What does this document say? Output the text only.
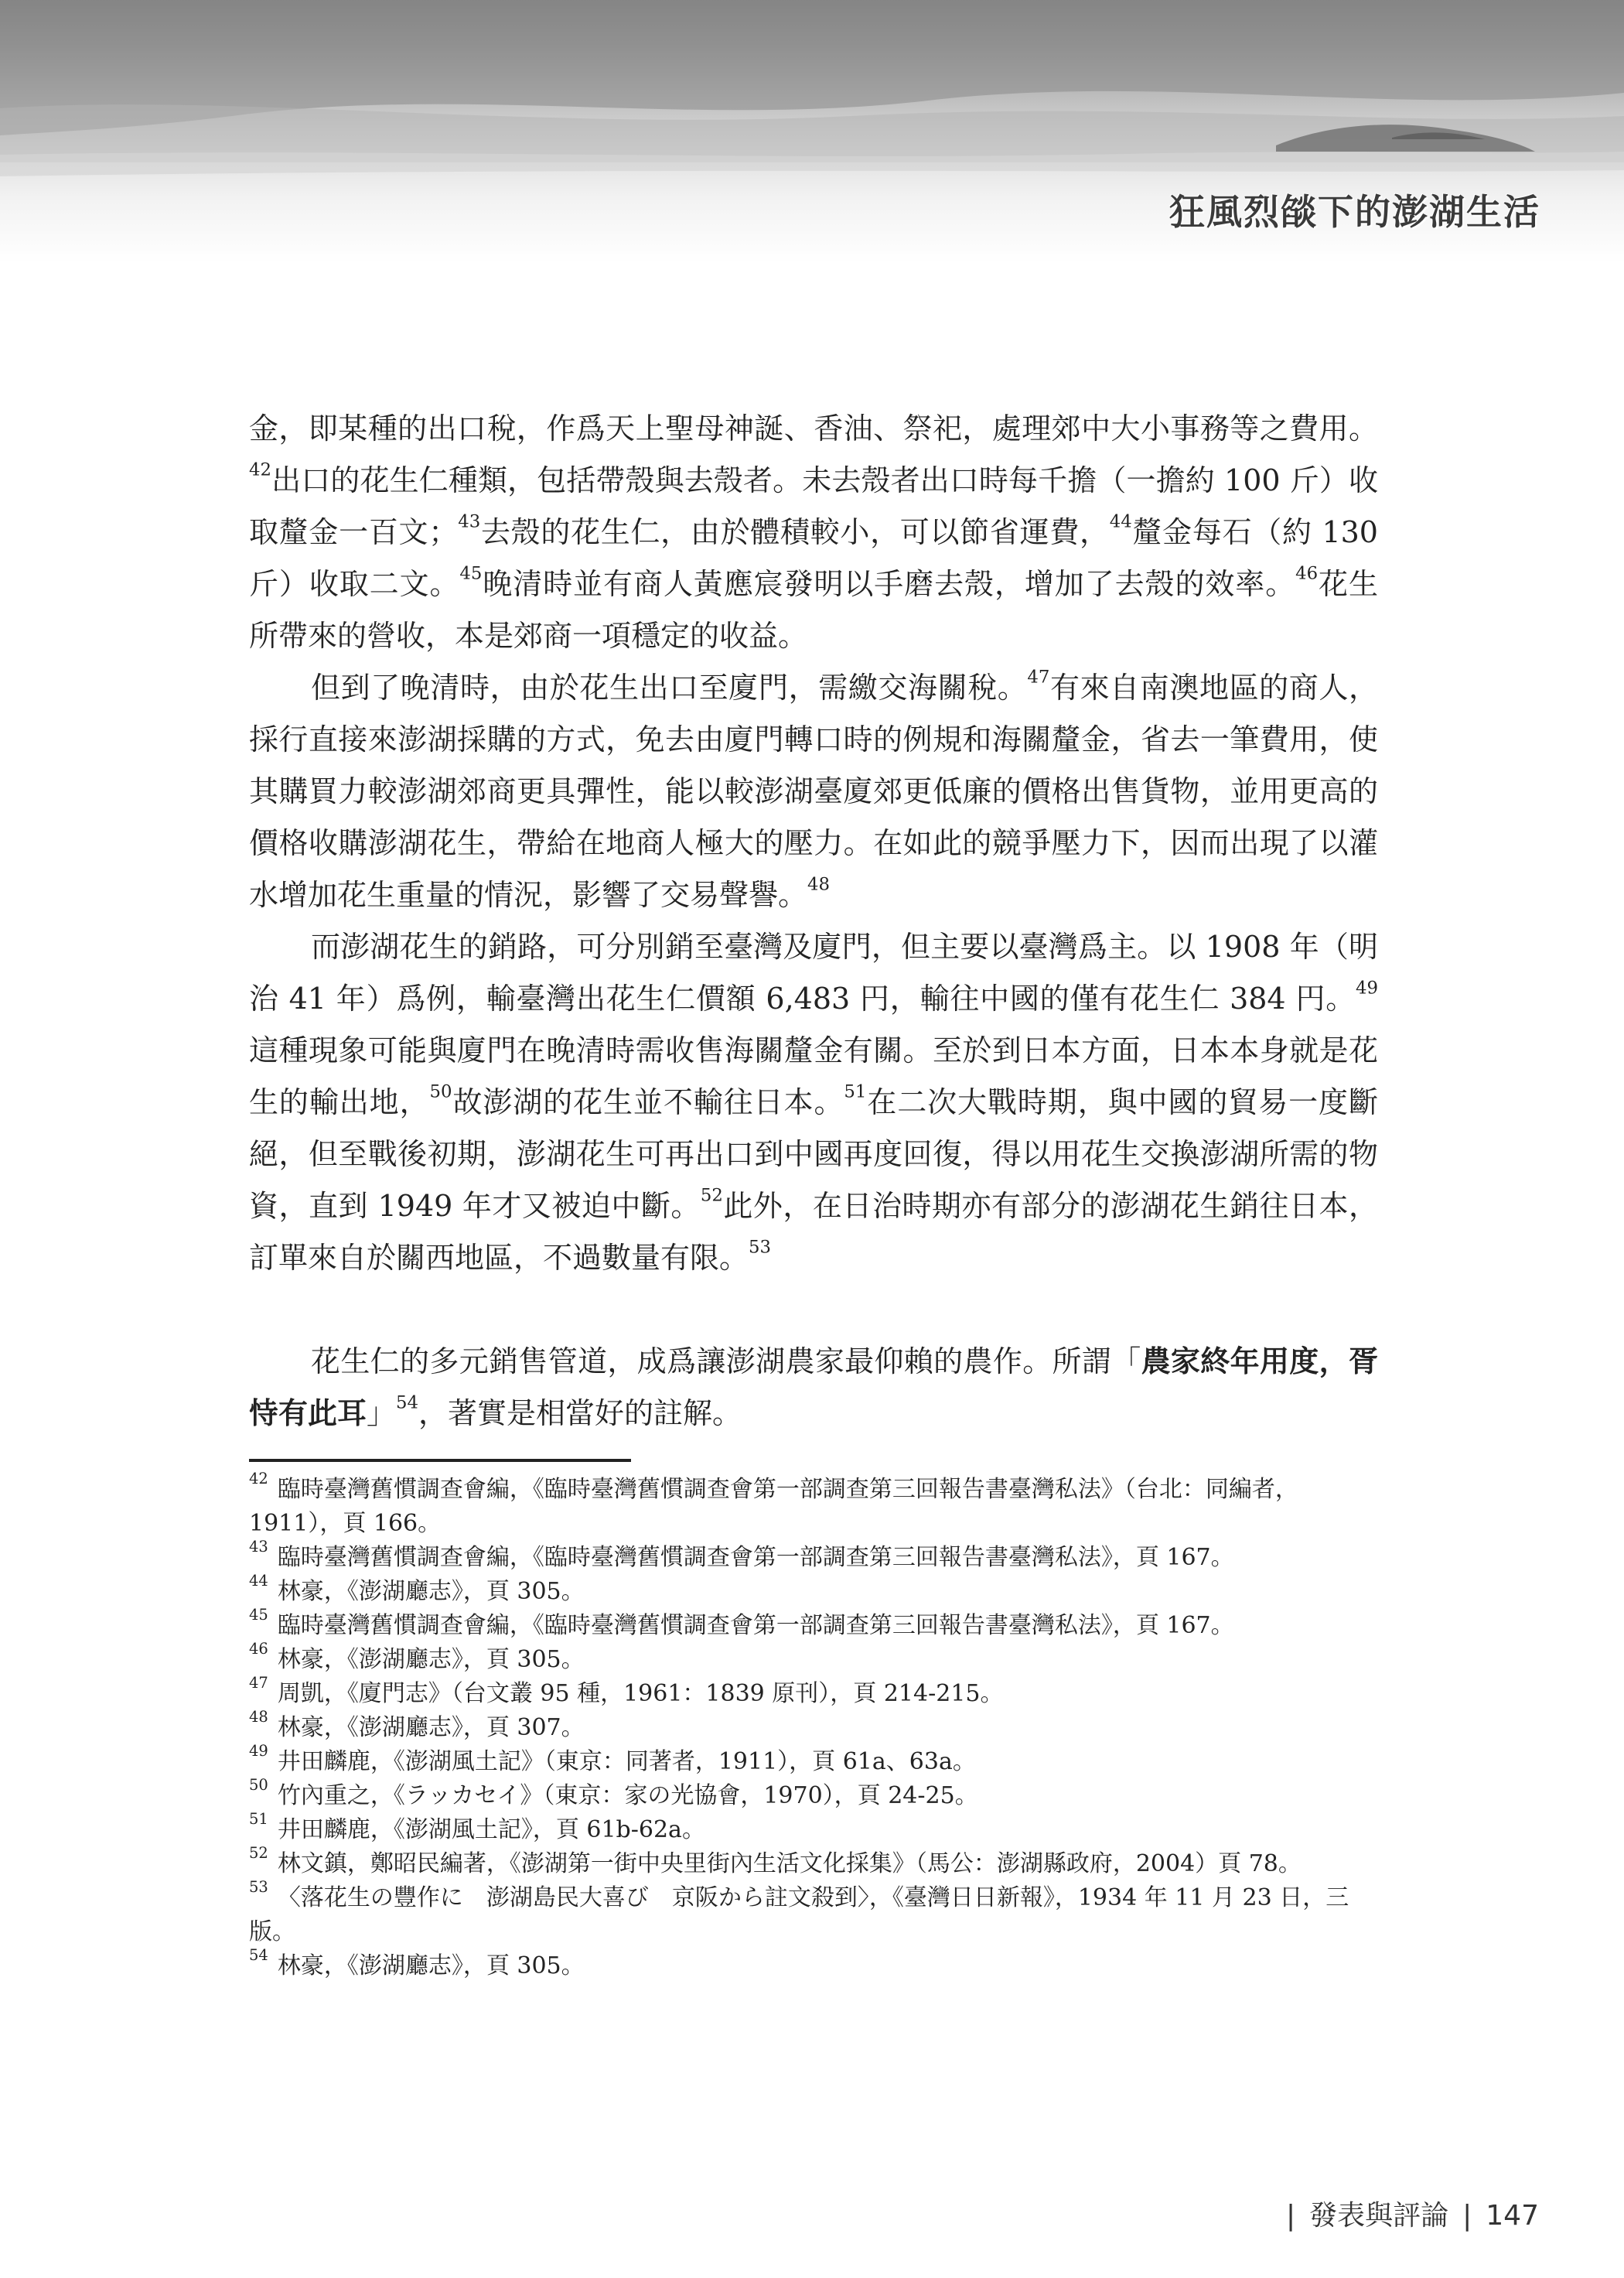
狂風烈燄下的澎湖生活

金，即某種的出口稅，作爲天上聖母神誕、香油、祭祀，處理郊中大小事務等之費用。$^{42}$出口的花生仁種類，包括帶殼與去殼者。未去殼者出口時每千擔（一擔約 100 斤）收取釐金一百文；$^{43}$去殼的花生仁，由於體積較小，可以節省運費，$^{44}$釐金每石（約 130 斤）收取二文。$^{45}$晚清時並有商人黃應宸發明以手磨去殼，增加了去殼的效率。$^{46}$花生所帶來的營收，本是郊商一項穩定的收益。

但到了晚清時，由於花生出口至廈門，需繳交海關稅。$^{47}$有來自南澳地區的商人，採行直接來澎湖採購的方式，免去由廈門轉口時的例規和海關釐金，省去一筆費用，使其購買力較澎湖郊商更具彈性，能以較澎湖臺廈郊更低廉的價格出售貨物，並用更高的價格收購澎湖花生，帶給在地商人極大的壓力。在如此的競爭壓力下，因而出現了以灌水增加花生重量的情況，影響了交易聲譽。$^{48}$

而澎湖花生的銷路，可分別銷至臺灣及廈門，但主要以臺灣爲主。以 1908 年（明治 41 年）爲例，輸臺灣出花生仁價額 6,483 円，輸往中國的僅有花生仁 384 円。$^{49}$這種現象可能與廈門在晚清時需收售海關釐金有關。至於到日本方面，日本本身就是花生的輸出地，$^{50}$故澎湖的花生並不輸往日本。$^{51}$在二次大戰時期，與中國的貿易一度斷絕，但至戰後初期，澎湖花生可再出口到中國再度回復，得以用花生交換澎湖所需的物資，直到 1949 年才又被迫中斷。$^{52}$此外，在日治時期亦有部分的澎湖花生銷往日本，訂單來自於關西地區，不過數量有限。$^{53}$

花生仁的多元銷售管道，成爲讓澎湖農家最仰賴的農作。所謂「農家終年用度，胥恃有此耳」$^{54}$，著實是相當好的註解。

$^{42}$ 臨時臺灣舊慣調查會編，《臨時臺灣舊慣調查會第一部調查第三回報告書臺灣私法》（台北：同編者，1911），頁 166。

$^{43}$ 臨時臺灣舊慣調查會編，《臨時臺灣舊慣調查會第一部調查第三回報告書臺灣私法》，頁 167。

$^{44}$ 林豪，《澎湖廳志》，頁 305。

$^{45}$ 臨時臺灣舊慣調查會編，《臨時臺灣舊慣調查會第一部調查第三回報告書臺灣私法》，頁 167。

$^{46}$ 林豪，《澎湖廳志》，頁 305。

$^{47}$ 周凱，《廈門志》（台文叢 95 種，1961：1839 原刊），頁 214-215。

$^{48}$ 林豪，《澎湖廳志》，頁 307。

$^{49}$ 井田麟鹿，《澎湖風土記》（東京：同著者，1911），頁 61a、63a。

$^{50}$ 竹內重之，《ラッカセイ》（東京：家の光協會，1970），頁 24-25。

$^{51}$ 井田麟鹿，《澎湖風土記》，頁 61b-62a。

$^{52}$ 林文鎮，鄭昭民編著，《澎湖第一街中央里街內生活文化採集》（馬公：澎湖縣政府，2004）頁 78。

$^{53}$ 〈落花生の豐作に　澎湖島民大喜び　京阪から註文殺到〉，《臺灣日日新報》，1934 年 11 月 23 日，三版。

$^{54}$ 林豪，《澎湖廳志》，頁 305。

| 發表與評論 | 147
